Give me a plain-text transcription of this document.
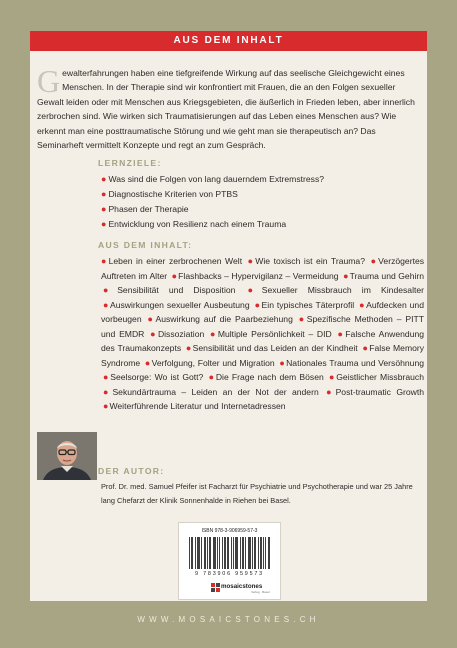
AUS DEM INHALT

Gewalterfahrungen haben eine tiefgreifende Wirkung auf das seelische Gleichgewicht eines Menschen. In der Therapie sind wir konfrontiert mit Frauen, die an den Folgen sexueller Gewalt leiden oder mit Menschen aus Kriegsgebieten, die äußerlich in Frieden leben, aber innerlich zerbrochen sind. Wie wirken sich Traumatisierungen auf das Leben eines Menschen aus? Wie erkennt man eine posttraumatische Störung und wie geht man sie therapeutisch an? Das Seminarheft vermittelt Konzepte und regt an zum Gespräch.

LERNZIELE:
● Was sind die Folgen von lang dauerndem Extremstress?
● Diagnostische Kriterien von PTBS
● Phasen der Therapie
● Entwicklung von Resilienz nach einem Trauma
AUS DEM INHALT:

●Leben in einer zerbrochenen Welt ●Wie toxisch ist ein Trauma? ●Verzögertes Auftreten im Alter ●Flashbacks – Hypervigilanz – Vermeidung ●Trauma und Gehirn ●Sensibilität und Disposition ●Sexueller Missbrauch im Kindesalter ●Auswirkungen sexueller Ausbeutung ●Ein typisches Täterprofil ●Aufdecken und vorbeugen ●Auswirkung auf die Paarbeziehung ●Spezifische Methoden – PITT und EMDR ●Dissoziation ●Multiple Persönlichkeit – DID ●Falsche Anwendung des Traumakonzepts ●Sensibilität und das Leiden an der Kindheit ●False Memory Syndrome ●Verfolgung, Folter und Migration ●Nationales Trauma und Versöhnung ●Seelsorge: Wo ist Gott? ●Die Frage nach dem Bösen ●Geistlicher Missbrauch ●Sekundärtrauma – Leiden an der Not der andern ●Post-traumatic Growth ●Weiterführende Literatur und Internetadressen

DER AUTOR:

Prof. Dr. med. Samuel Pfeifer ist Facharzt für Psychiatrie und Psychotherapie und war 25 Jahre lang Chefarzt der Klinik Sonnenhalde in Riehen bei Basel.

ISBN 978-3-906959-57-3
9 783906 959573
mosaicstones
Verlag · Basel
WWW.MOSAICSTONES.CH
